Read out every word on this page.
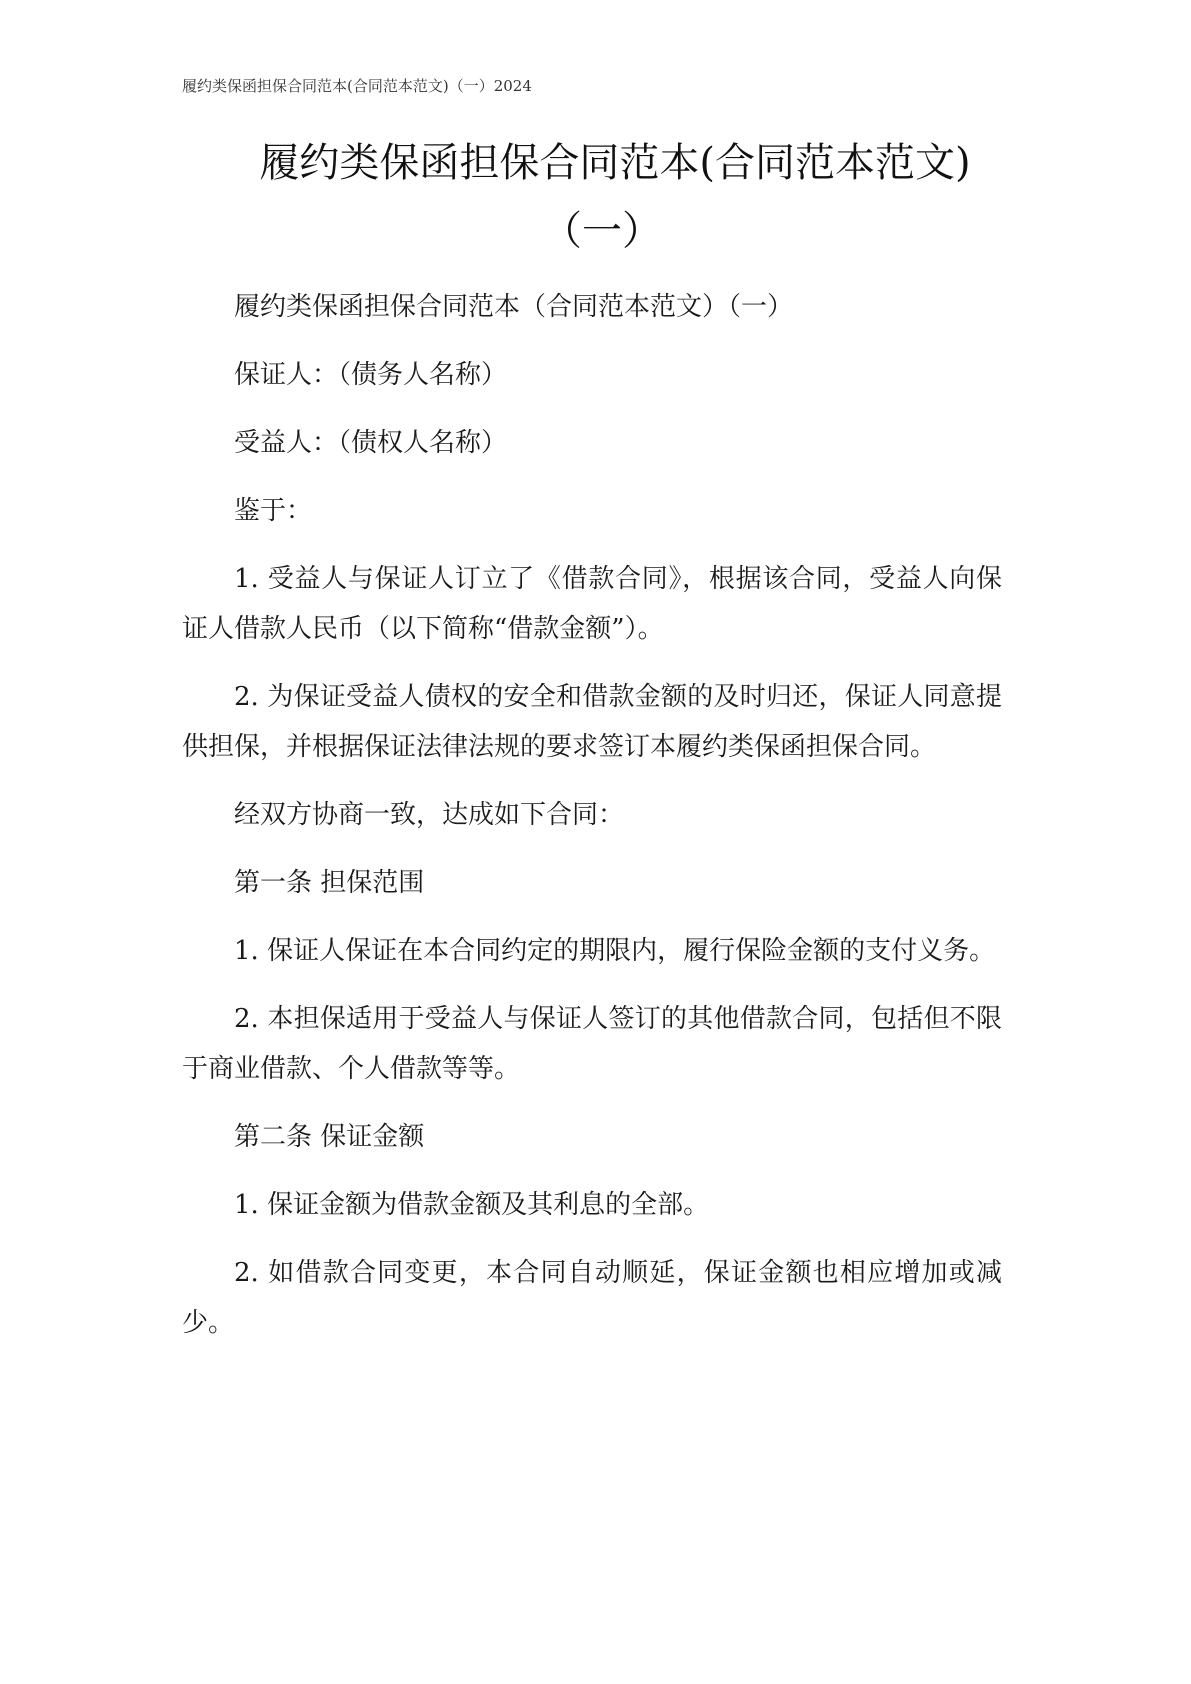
履约类保函担保合同范本(合同范本范文)（一）2024
履约类保函担保合同范本(合同范本范文)
（一）

履约类保函担保合同范本（合同范本范文）（一）

保证人：（债务人名称）

受益人：（债权人名称）

鉴于：

1. 受益人与保证人订立了《借款合同》，根据该合同，受益人向保证人借款人民币（以下简称“借款金额”）。

2. 为保证受益人债权的安全和借款金额的及时归还，保证人同意提供担保，并根据保证法律法规的要求签订本履约类保函担保合同。

经双方协商一致，达成如下合同：

第一条 担保范围

1. 保证人保证在本合同约定的期限内，履行保险金额的支付义务。

2. 本担保适用于受益人与保证人签订的其他借款合同，包括但不限于商业借款、个人借款等等。

第二条 保证金额

1. 保证金额为借款金额及其利息的全部。

2. 如借款合同变更，本合同自动顺延，保证金额也相应增加或减少。
